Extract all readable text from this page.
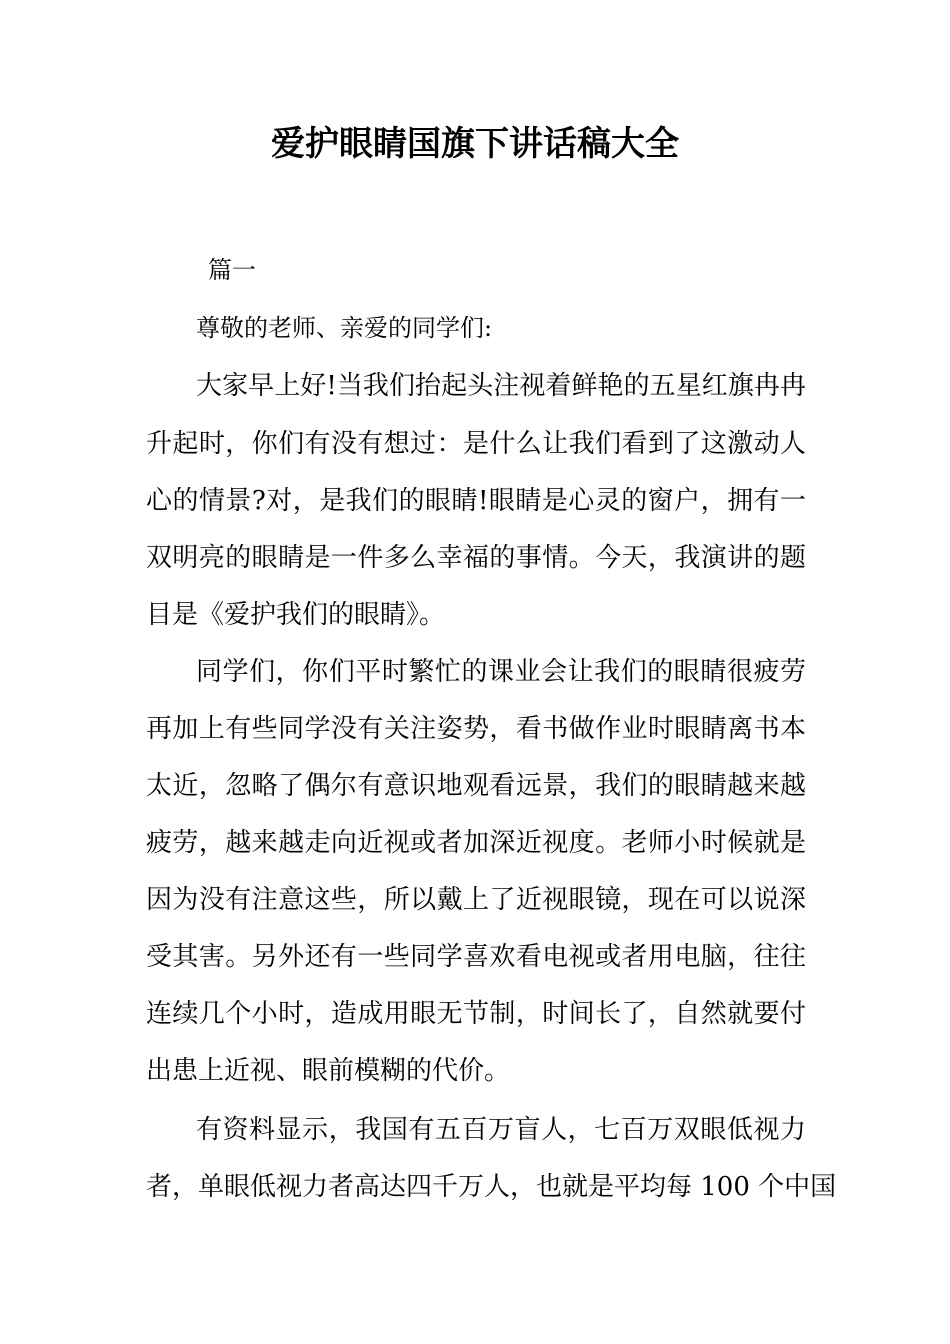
爱护眼睛国旗下讲话稿大全

篇一

尊敬的老师、亲爱的同学们:

大家早上好!当我们抬起头注视着鲜艳的五星红旗冉冉

升起时，你们有没有想过：是什么让我们看到了这激动人

心的情景?对，是我们的眼睛!眼睛是心灵的窗户，拥有一

双明亮的眼睛是一件多么幸福的事情。今天，我演讲的题

目是《爱护我们的眼睛》。

同学们，你们平时繁忙的课业会让我们的眼睛很疲劳

再加上有些同学没有关注姿势，看书做作业时眼睛离书本

太近，忽略了偶尔有意识地观看远景，我们的眼睛越来越

疲劳，越来越走向近视或者加深近视度。老师小时候就是

因为没有注意这些，所以戴上了近视眼镜，现在可以说深

受其害。另外还有一些同学喜欢看电视或者用电脑，往往

连续几个小时，造成用眼无节制，时间长了，自然就要付

出患上近视、眼前模糊的代价。

有资料显示，我国有五百万盲人，七百万双眼低视力

者，单眼低视力者高达四千万人，也就是平均每 100 个中国
